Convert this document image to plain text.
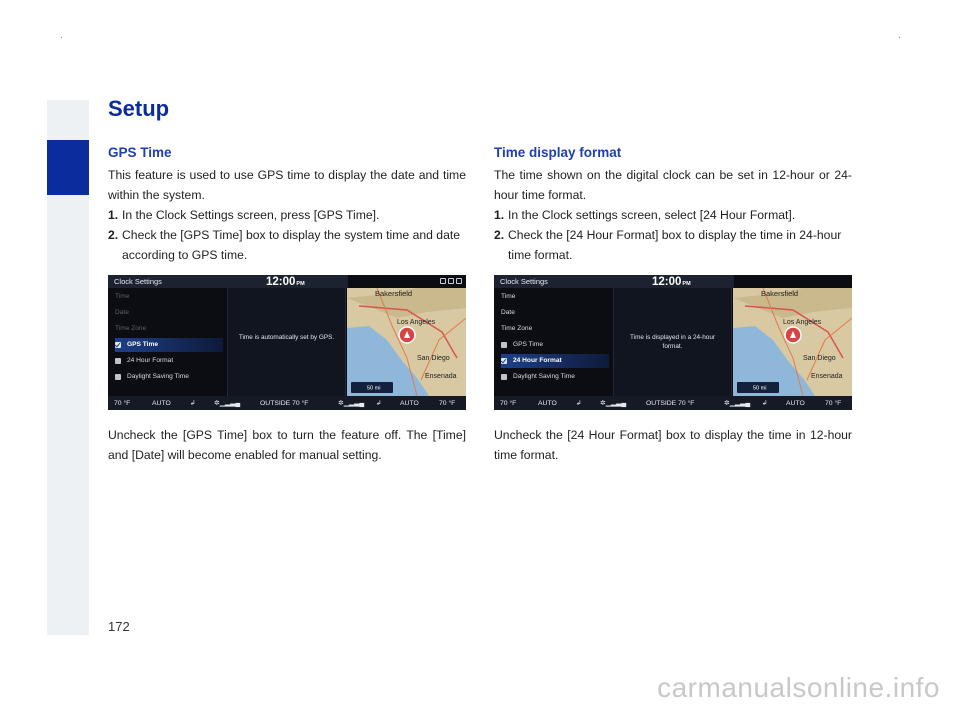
.	.
Setup
GPS Time

This feature is used to use GPS time to display the date and time within the system.

1. In the Clock Settings screen, press [GPS Time].
2. Check the [GPS Time] box to display the system time and date according to GPS time.
Clock Settings	12:00PM
Time
Date
Time Zone
GPS Time
24 Hour Format
Daylight Saving Time
Time is automatically set by GPS.
Bakersfield
Los Angeles
San Diego
Ensenada
50 mi
70 °F	AUTO	↲	✲▁▂▃▄	OUTSIDE 70 °F	✲▁▂▃▄ ↲	AUTO	70 °F

Uncheck the [GPS Time] box to turn the feature off. The [Time] and [Date] will become enabled for manual setting.

Time display format

The time shown on the digital clock can be set in 12-hour or 24-hour time format.

1. In the Clock settings screen, select [24 Hour Format].
2. Check the [24 Hour Format] box to display the time in 24-hour time format.
Clock Settings	12:00PM
Time
Date
Time Zone
GPS Time
24 Hour Format
Daylight Saving Time
Time is displayed in a 24-hour format.
Bakersfield
Los Angeles
San Diego
Ensenada
50 mi
70 °F	AUTO	↲	✲▁▂▃▄	OUTSIDE 70 °F	✲▁▂▃▄ ↲	AUTO	70 °F

Uncheck the [24 Hour Format] box to display the time in 12-hour time format.

172
carmanualsonline.info
